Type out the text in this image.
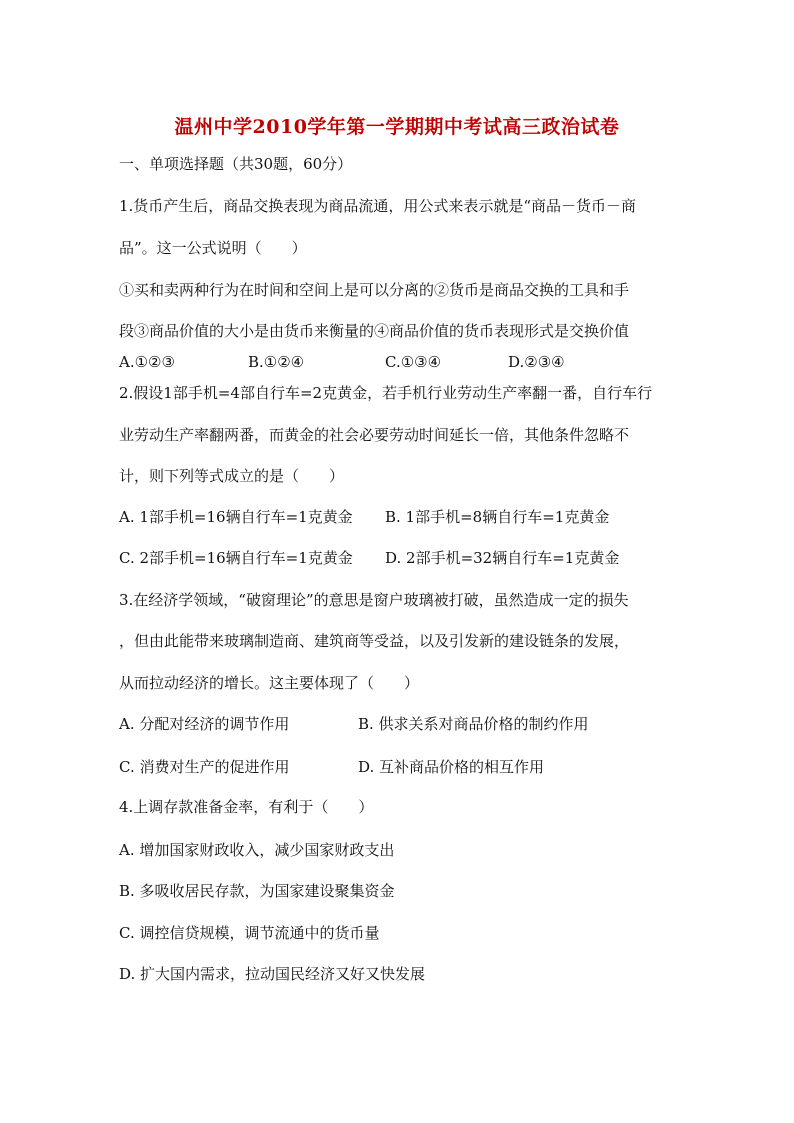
温州中学2010学年第一学期期中考试高三政治试卷
一、单项选择题（共30题，60分）
1.货币产生后，商品交换表现为商品流通，用公式来表示就是“商品－货币－商
品”。这一公式说明（　　）
①买和卖两种行为在时间和空间上是可以分离的②货币是商品交换的工具和手
段③商品价值的大小是由货币来衡量的④商品价值的货币表现形式是交换价值
A.①②③	B.①②④	C.①③④	D.②③④
2.假设1部手机=4部自行车=2克黄金，若手机行业劳动生产率翻一番，自行车行
业劳动生产率翻两番，而黄金的社会必要劳动时间延长一倍，其他条件忽略不
计，则下列等式成立的是（　　）
A. 1部手机=16辆自行车=1克黄金 B. 1部手机=8辆自行车=1克黄金
C. 2部手机=16辆自行车=1克黄金 D. 2部手机=32辆自行车=1克黄金
3.在经济学领域，“破窗理论”的意思是窗户玻璃被打破，虽然造成一定的损失
，但由此能带来玻璃制造商、建筑商等受益，以及引发新的建设链条的发展，
从而拉动经济的增长。这主要体现了（　　）
A. 分配对经济的调节作用	B. 供求关系对商品价格的制约作用
C. 消费对生产的促进作用	D. 互补商品价格的相互作用
4.上调存款准备金率，有利于（　　）
A. 增加国家财政收入，减少国家财政支出
B. 多吸收居民存款，为国家建设聚集资金
C. 调控信贷规模，调节流通中的货币量
D. 扩大国内需求，拉动国民经济又好又快发展
